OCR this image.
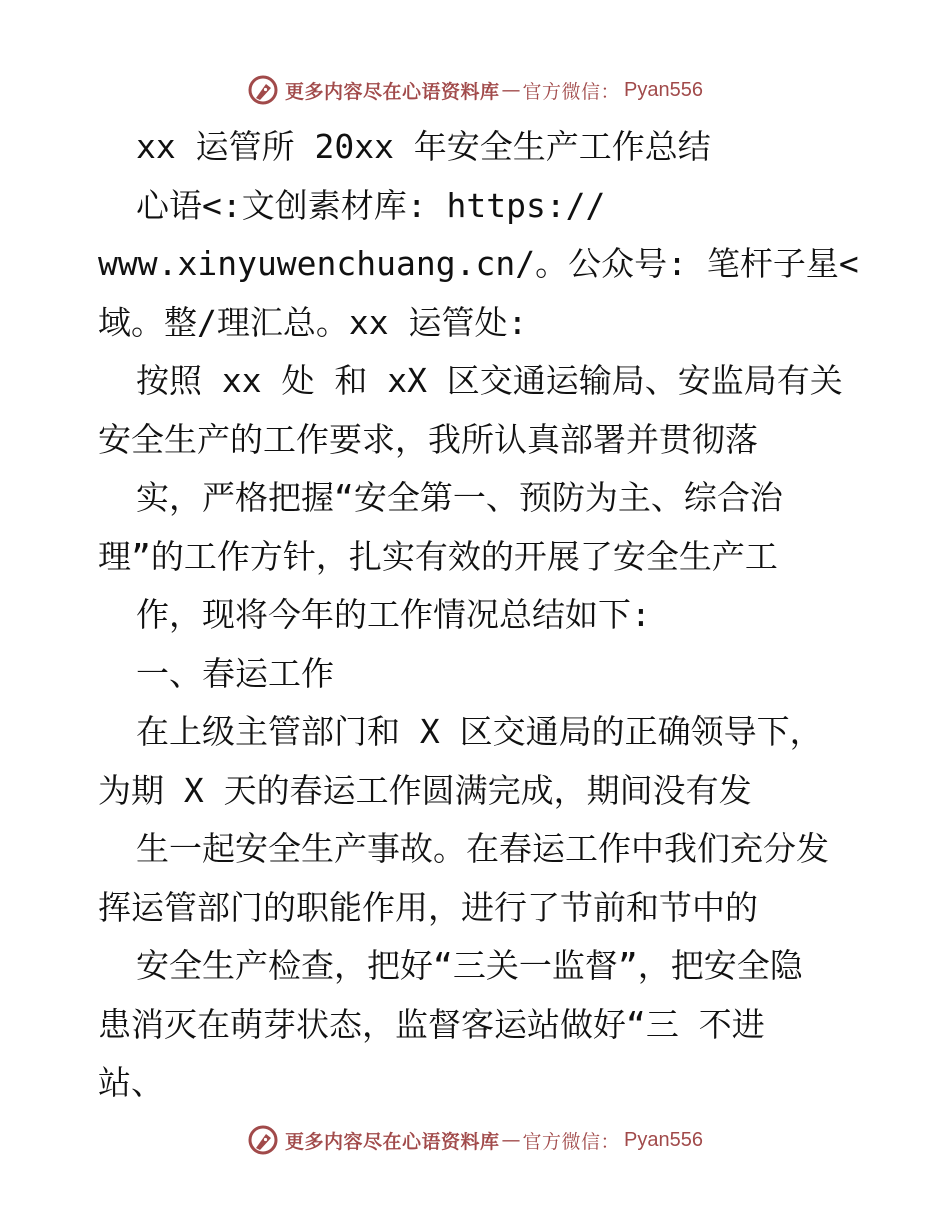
更多内容尽在心语资料库 — 官方微信： Pyan556
xx 运管所 20xx 年安全生产工作总结
心语<:文创素材库: https://
www.xinyuwenchuang.cn/。公众号: 笔杆子星<
域。整/理汇总。xx 运管处:
按照 xx 处 和 xX 区交通运输局、安监局有关
安全生产的工作要求，我所认真部署并贯彻落
实，严格把握“安全第一、预防为主、综合治
理”的工作方针，扎实有效的开展了安全生产工
作，现将今年的工作情况总结如下:
一、春运工作
在上级主管部门和 X 区交通局的正确领导下，
为期 X 天的春运工作圆满完成，期间没有发
生一起安全生产事故。在春运工作中我们充分发
挥运管部门的职能作用，进行了节前和节中的
安全生产检查，把好“三关一监督”，把安全隐
患消灭在萌芽状态，监督客运站做好“三 不进
站、
更多内容尽在心语资料库 — 官方微信： Pyan556
